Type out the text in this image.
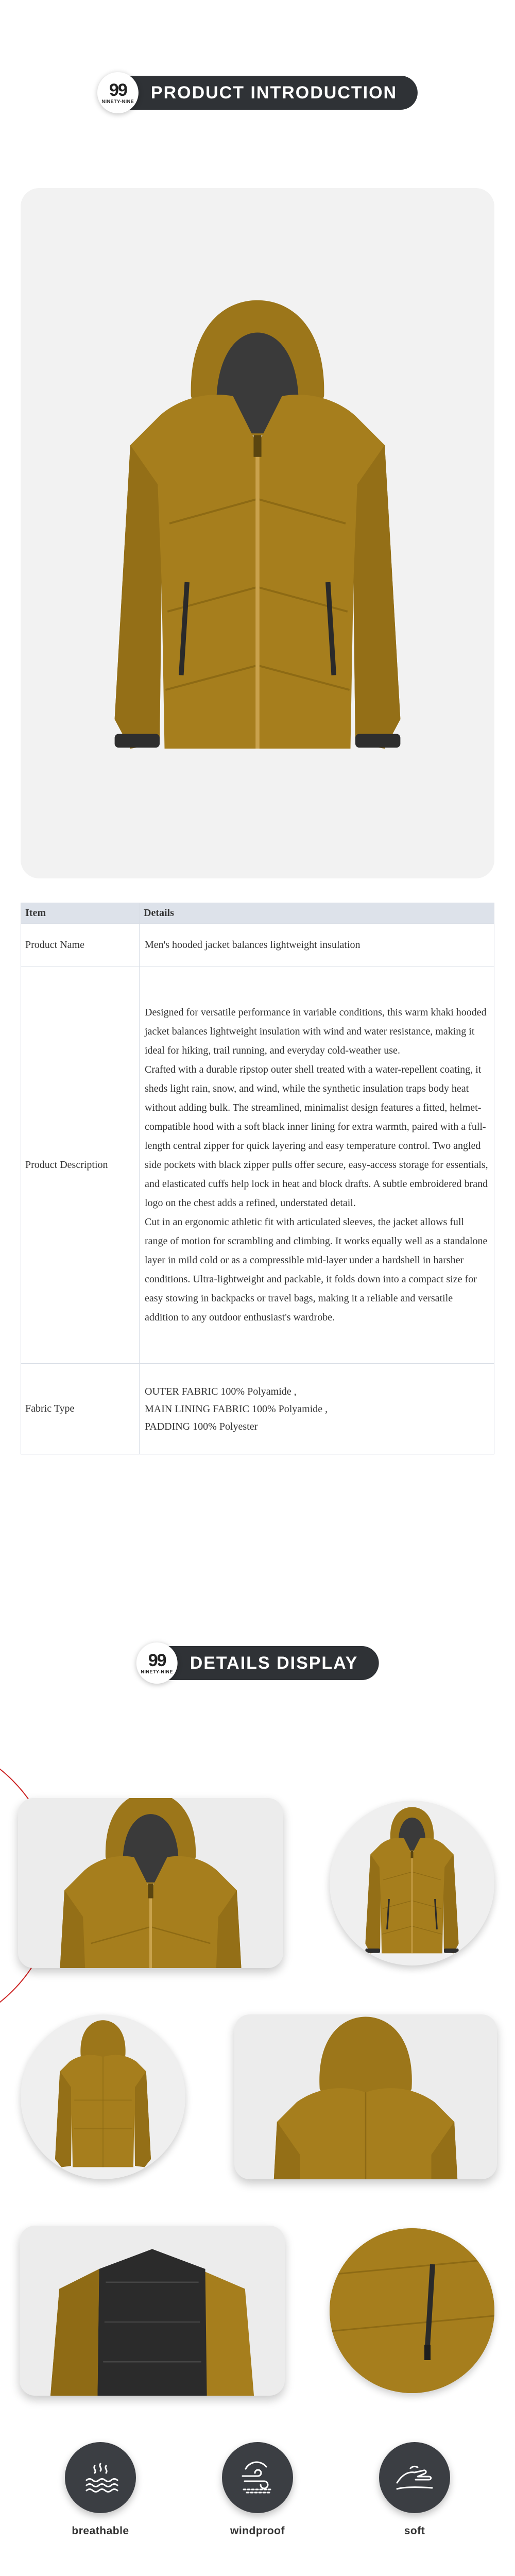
99
NINETY-NINE PRODUCT INTRODUCTION
Item	Details
Product Name	Men's hooded jacket balances lightweight insulation
Product Description	Designed for versatile performance in variable conditions, this warm khaki hooded jacket balances lightweight insulation with wind and water resistance, making it ideal for hiking, trail running, and everyday cold-weather use.

Crafted with a durable ripstop outer shell treated with a water-repellent coating, it sheds light rain, snow, and wind, while the synthetic insulation traps body heat without adding bulk. The streamlined, minimalist design features a fitted, helmet-compatible hood with a soft black inner lining for extra warmth, paired with a full-length central zipper for quick layering and easy temperature control. Two angled side pockets with black zipper pulls offer secure, easy-access storage for essentials, and elasticated cuffs help lock in heat and block drafts. A subtle embroidered brand logo on the chest adds a refined, understated detail.

Cut in an ergonomic athletic fit with articulated sleeves, the jacket allows full range of motion for scrambling and climbing. It works equally well as a standalone layer in mild cold or as a compressible mid-layer under a hardshell in harsher conditions. Ultra-lightweight and packable, it folds down into a compact size for easy stowing in backpacks or travel bags, making it a reliable and versatile addition to any outdoor enthusiast's wardrobe.

Fabric Type	OUTER FABRIC 100% Polyamide ,
MAIN LINING FABRIC 100% Polyamide ,
PADDING 100% Polyester
99
NINETY-NINE DETAILS DISPLAY
breathable	windproof	soft
